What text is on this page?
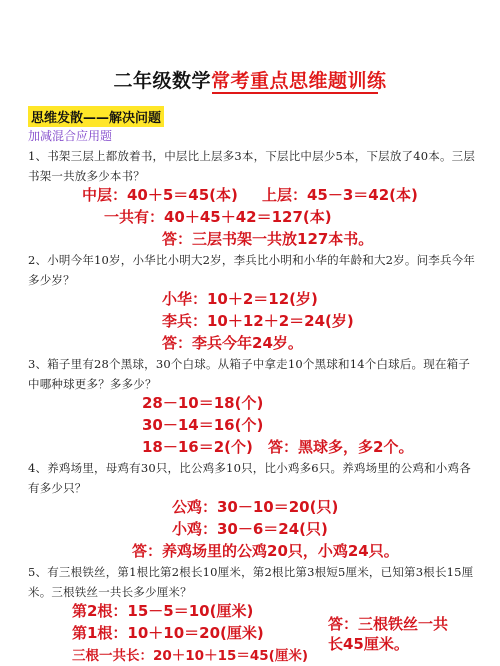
二年级数学常考重点思维题训练
思维发散——解决问题
加减混合应用题
1、书架三层上都放着书，中层比上层多3本，下层比中层少5本，下层放了40本。三层书架一共放多少本书？
中层：40＋5＝45(本) 上层：45－3＝42(本)
一共有：40＋45＋42＝127(本)
答：三层书架一共放127本书。
2、小明今年10岁，小华比小明大2岁，李兵比小明和小华的年龄和大2岁。问李兵今年多少岁？
小华：10＋2＝12(岁)
李兵：10＋12＋2＝24(岁)
答：李兵今年24岁。
3、箱子里有28个黑球，30个白球。从箱子中拿走10个黑球和14个白球后。现在箱子中哪种球更多？多多少？
28－10＝18(个)
30－14＝16(个)
18－16＝2(个) 答：黑球多，多2个。
4、养鸡场里，母鸡有30只，比公鸡多10只，比小鸡多6只。养鸡场里的公鸡和小鸡各有多少只？
公鸡：30－10＝20(只)
小鸡：30－6＝24(只)
答：养鸡场里的公鸡20只，小鸡24只。
5、有三根铁丝，第1根比第2根长10厘米，第2根比第3根短5厘米，已知第3根长15厘米。三根铁丝一共长多少厘米？
第2根：15－5＝10(厘米)
第1根：10＋10＝20(厘米)
三根一共长：20＋10＋15＝45(厘米)
答：三根铁丝一共长45厘米。
